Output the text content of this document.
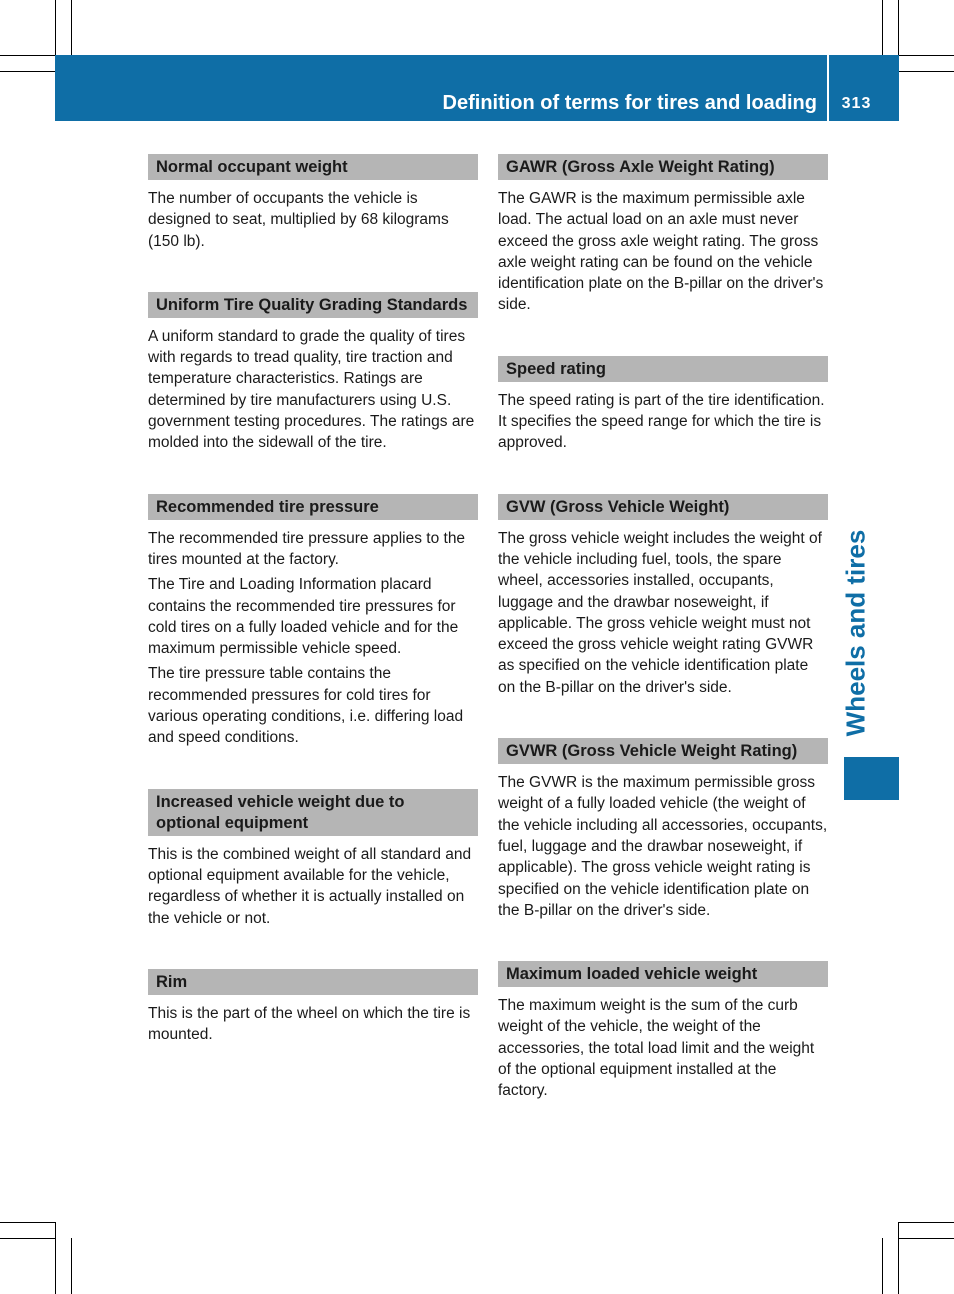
Definition of terms for tires and loading	313
Wheels and tires
Normal occupant weight

The number of occupants the vehicle is designed to seat, multiplied by 68 kilograms (150 lb).

Uniform Tire Quality Grading Standards

A uniform standard to grade the quality of tires with regards to tread quality, tire traction and temperature characteristics. Ratings are determined by tire manufacturers using U.S. government testing procedures. The ratings are molded into the sidewall of the tire.

Recommended tire pressure

The recommended tire pressure applies to the tires mounted at the factory.

The Tire and Loading Information placard contains the recommended tire pressures for cold tires on a fully loaded vehicle and for the maximum permissible vehicle speed.

The tire pressure table contains the recommended pressures for cold tires for various operating conditions, i.e. differing load and speed conditions.

Increased vehicle weight due to optional equipment

This is the combined weight of all standard and optional equipment available for the vehicle, regardless of whether it is actually installed on the vehicle or not.

Rim

This is the part of the wheel on which the tire is mounted.

GAWR (Gross Axle Weight Rating)

The GAWR is the maximum permissible axle load. The actual load on an axle must never exceed the gross axle weight rating. The gross axle weight rating can be found on the vehicle identification plate on the B-pillar on the driver's side.

Speed rating

The speed rating is part of the tire identification. It specifies the speed range for which the tire is approved.

GVW (Gross Vehicle Weight)

The gross vehicle weight includes the weight of the vehicle including fuel, tools, the spare wheel, accessories installed, occupants, luggage and the drawbar noseweight, if applicable. The gross vehicle weight must not exceed the gross vehicle weight rating GVWR as specified on the vehicle identification plate on the B-pillar on the driver's side.

GVWR (Gross Vehicle Weight Rating)

The GVWR is the maximum permissible gross weight of a fully loaded vehicle (the weight of the vehicle including all accessories, occupants, fuel, luggage and the drawbar noseweight, if applicable). The gross vehicle weight rating is specified on the vehicle identification plate on the B-pillar on the driver's side.

Maximum loaded vehicle weight

The maximum weight is the sum of the curb weight of the vehicle, the weight of the accessories, the total load limit and the weight of the optional equipment installed at the factory.
